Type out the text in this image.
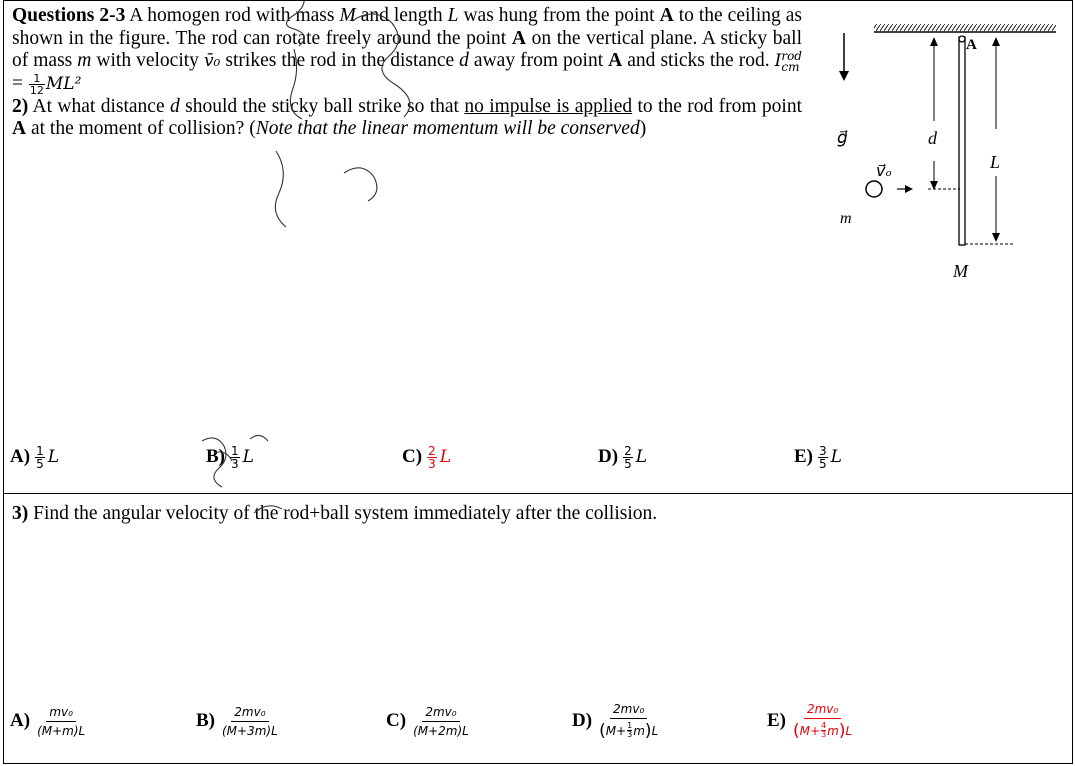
Questions 2-3 A homogen rod with mass M and length L was hung from the point A to the ceiling as shown in the figure. The rod can rotate freely around the point A on the vertical plane. A sticky ball of mass m with velocity v̄₀ strikes the rod in the distance d away from point A and sticks the rod. I rod
cm
= $\frac{1}{12} ML^2$

2) At what distance d should the sticky ball strike so that no impulse is applied to the rod from point A at the moment of collision? (Note that the linear momentum will be conserved)	g⃗
A
d
L
v⃗ₒ
m
M
$A) \frac{1}{5}$ L	$B) \frac{1}{3}$ L	$C) \frac{2}{3}$ L	$D) \frac{2}{5}$ L	$E) \frac{3}{5}$ L
3) Find the angular velocity of the rod+ball system immediately after the collision.
A) mv₀
(M+m)L	B) 2mv₀
(M+3m)L	C) 2mv₀
(M+2m)L	D)
2mv₀
( $M+ \frac{1}{3}$ m ) L	E)
2mv₀
( $M+ \frac{4}{3}$ m ) L
